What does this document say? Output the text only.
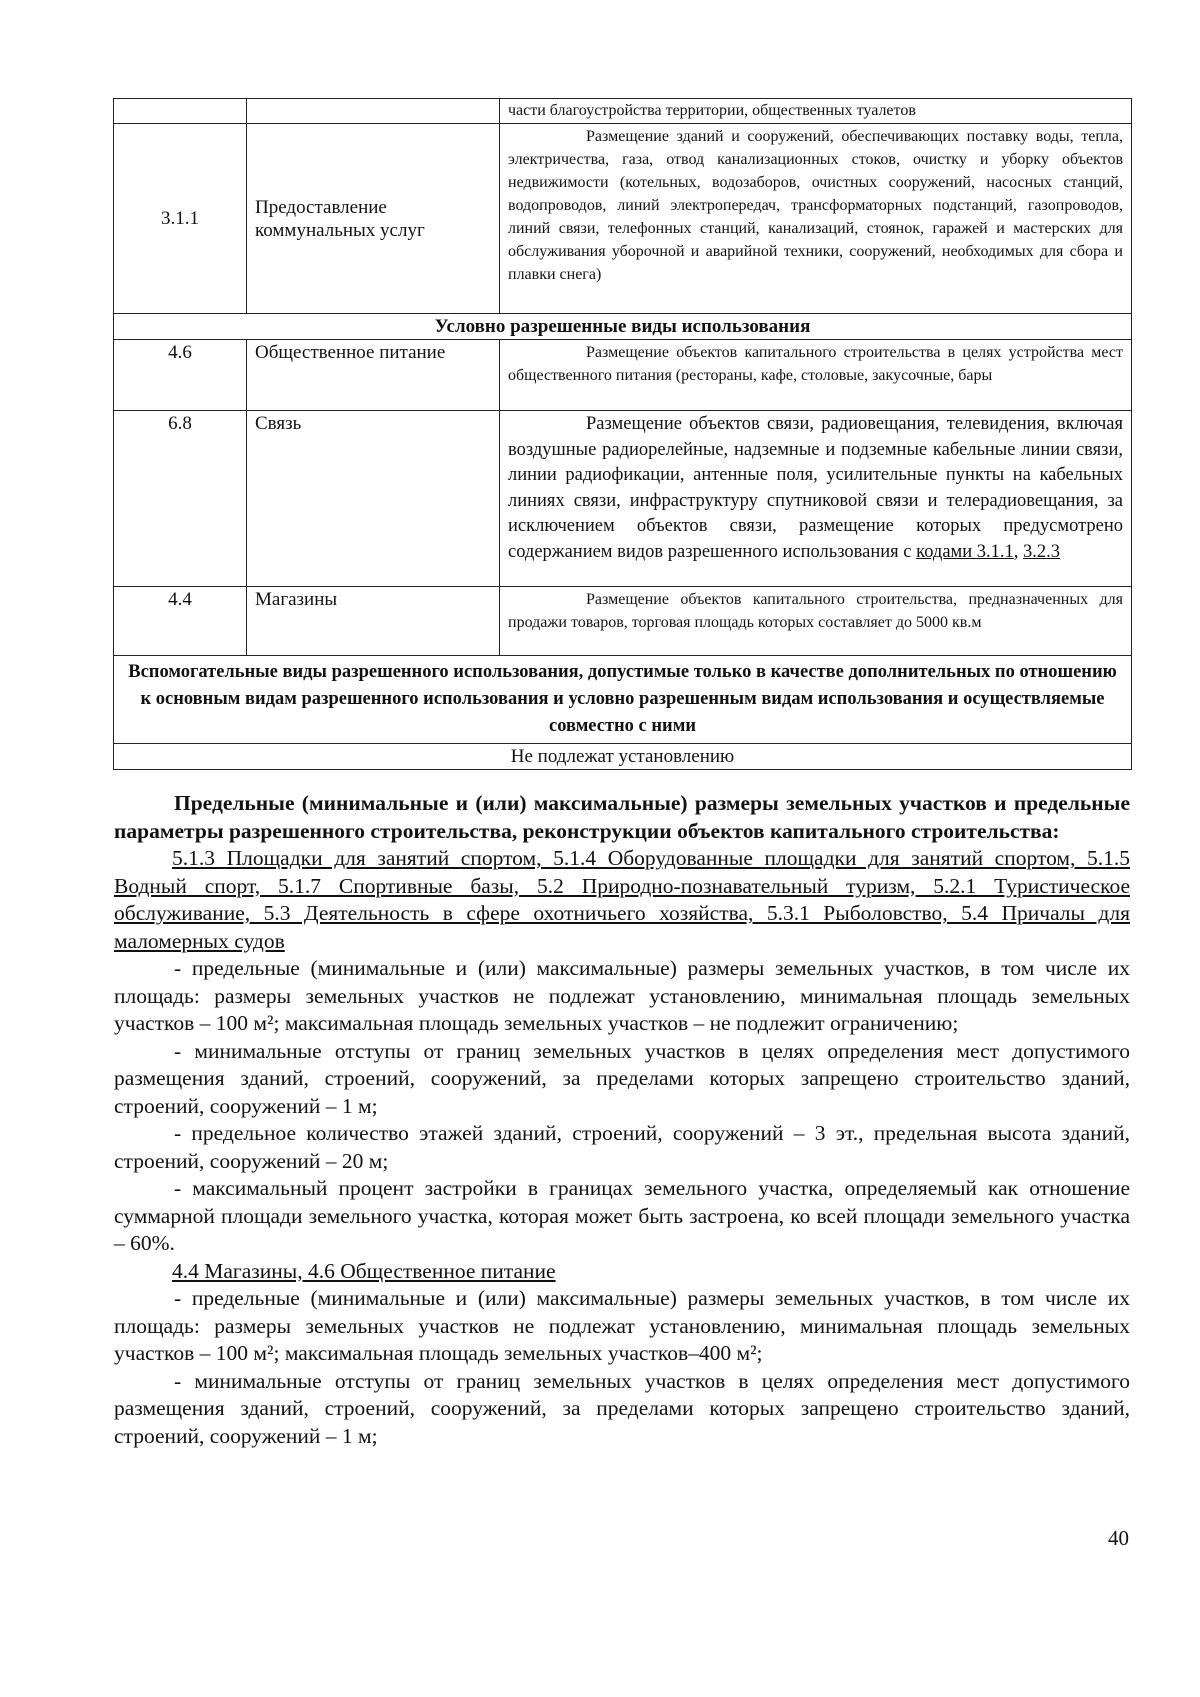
		части благоустройства территории, общественных туалетов
3.1.1	Предоставление коммунальных услуг	Размещение зданий и сооружений, обеспечивающих поставку воды, тепла, электричества, газа, отвод канализационных стоков, очистку и уборку объектов недвижимости (котельных, водозаборов, очистных сооружений, насосных станций, водопроводов, линий электропередач, трансформаторных подстанций, газопроводов, линий связи, телефонных станций, канализаций, стоянок, гаражей и мастерских для обслуживания уборочной и аварийной техники, сооружений, необходимых для сбора и плавки снега)
Условно разрешенные виды использования		
4.6	Общественное питание	Размещение объектов капитального строительства в целях устройства мест общественного питания (рестораны, кафе, столовые, закусочные, бары
6.8	Связь	Размещение объектов связи, радиовещания, телевидения, включая воздушные радиорелейные, надземные и подземные кабельные линии связи, линии радиофикации, антенные поля, усилительные пункты на кабельных линиях связи, инфраструктуру спутниковой связи и телерадиовещания, за исключением объектов связи, размещение которых предусмотрено содержанием видов разрешенного использования с кодами 3.1.1, 3.2.3
4.4	Магазины	Размещение объектов капитального строительства, предназначенных для продажи товаров, торговая площадь которых составляет до 5000 кв.м
Вспомогательные виды разрешенного использования, допустимые только в качестве дополнительных по отношению к основным видам разрешенного использования и условно разрешенным видам использования и осуществляемые совместно с ними		
Не подлежат установлению		

Предельные (минимальные и (или) максимальные) размеры земельных участков и предельные параметры разрешенного строительства, реконструкции объектов капитального строительства:

5.1.3 Площадки для занятий спортом, 5.1.4 Оборудованные площадки для занятий спортом, 5.1.5 Водный спорт, 5.1.7 Спортивные базы, 5.2 Природно-познавательный туризм, 5.2.1 Туристическое обслуживание, 5.3 Деятельность в сфере охотничьего хозяйства, 5.3.1 Рыболовство, 5.4 Причалы для маломерных судов

- предельные (минимальные и (или) максимальные) размеры земельных участков, в том числе их площадь: размеры земельных участков не подлежат установлению, минимальная площадь земельных участков – 100 м²; максимальная площадь земельных участков – не подлежит ограничению;

- минимальные отступы от границ земельных участков в целях определения мест допустимого размещения зданий, строений, сооружений, за пределами которых запрещено строительство зданий, строений, сооружений – 1 м;

- предельное количество этажей зданий, строений, сооружений – 3 эт., предельная высота зданий, строений, сооружений – 20 м;

- максимальный процент застройки в границах земельного участка, определяемый как отношение суммарной площади земельного участка, которая может быть застроена, ко всей площади земельного участка – 60%.

4.4 Магазины, 4.6 Общественное питание

- предельные (минимальные и (или) максимальные) размеры земельных участков, в том числе их площадь: размеры земельных участков не подлежат установлению, минимальная площадь земельных участков – 100 м²; максимальная площадь земельных участков–400 м²;

- минимальные отступы от границ земельных участков в целях определения мест допустимого размещения зданий, строений, сооружений, за пределами которых запрещено строительство зданий, строений, сооружений – 1 м;

40
